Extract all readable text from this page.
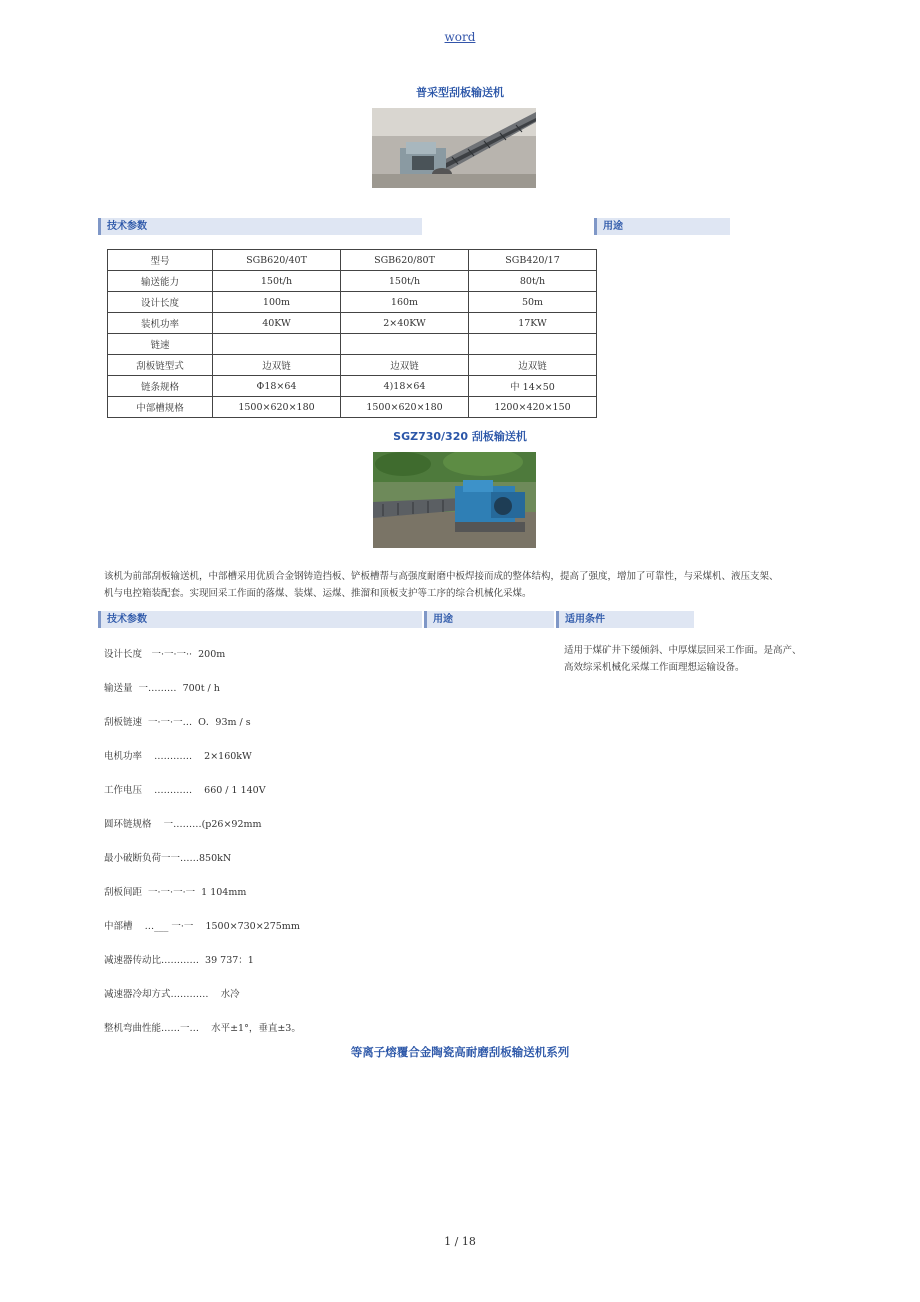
word
普采型刮板输送机
技术参数	用途
型号	SGB620/40T	SGB620/80T	SGB420/17
输送能力	150t/h	150t/h	80t/h
设计长度	100m	160m	50m
装机功率	40KW	2×40KW	17KW
链速			
刮板链型式	边双链	边双链	边双链
链条规格	Φ18×64	4)18×64	中 14×50
中部槽规格	1500×620×180	1500×620×180	1200×420×150
SGZ730/320 刮板输送机
该机为前部刮板输送机，中部槽采用优质合金钢铸造挡板、铲板槽帮与高强度耐磨中板焊接而成的整体结构，提高了强度，增加了可靠性，与采煤机、液压支架、
机与电控箱装配套。实现回采工作面的落煤、装煤、运煤、推溜和顶板支护等工序的综合机械化采煤。
技术参数	用途	适用条件
适用于煤矿井下缓倾斜、中厚煤层回采工作面。是高产、
高效综采机械化采煤工作面理想运输设备。
设计长度　一·一·一··  200m
输送量  一………  700t / h
刮板链速  一·一·一…  O．93m / s
电机功率    …………    2×160kW
工作电压    …………    660 / 1 140V
圆环链规格    一………(p26×92mm
最小破断负荷一一……850kN
刮板间距  一·一·一·一  1 104mm
中部槽    …___ 一·一    1500×730×275mm
减速器传动比…………  39 737：1
减速器冷却方式…………    水冷
整机弯曲性能……一…    水平±1°，垂直±3。
等离子熔覆合金陶瓷高耐磨刮板输送机系列
1 / 18
